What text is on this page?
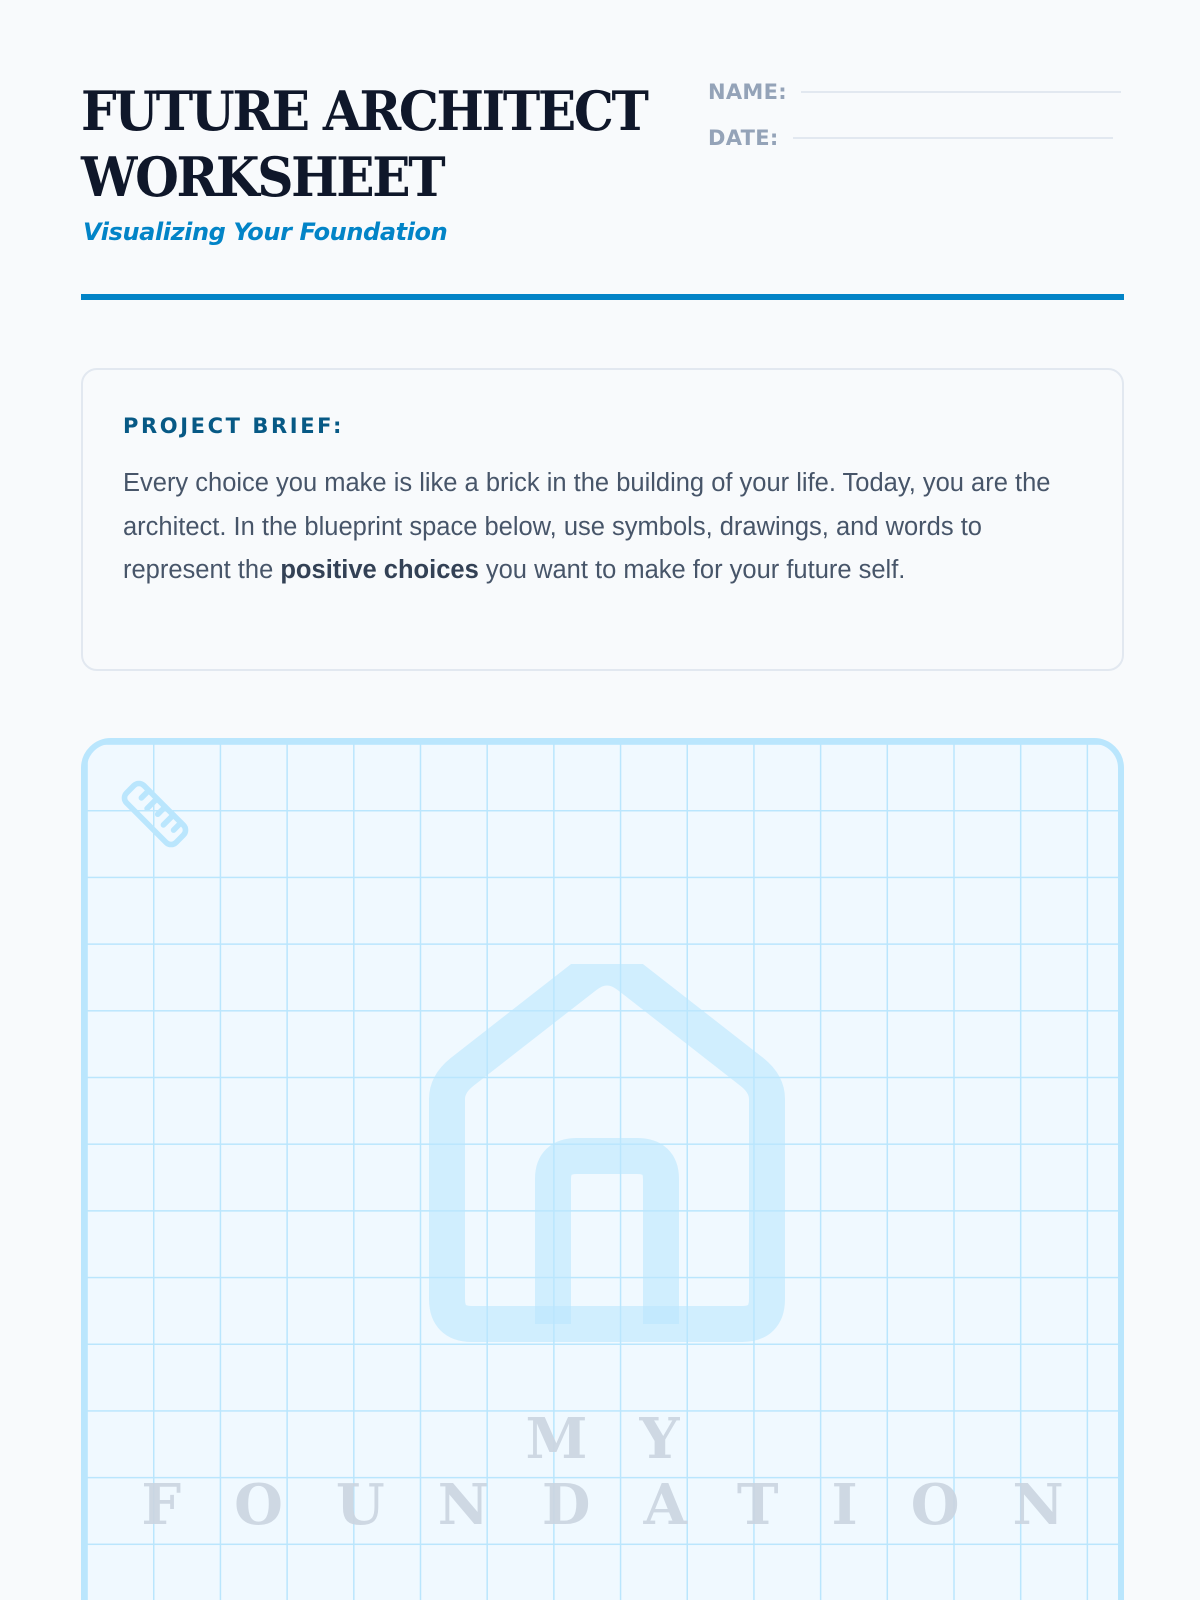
FUTURE ARCHITECT
WORKSHEET

Visualizing Your Foundation

NAME:
DATE:
PROJECT BRIEF:

Every choice you make is like a brick in the building of your life. Today, you are the architect. In the blueprint space below, use symbols, drawings, and words to represent the positive choices you want to make for your future self.

MY
FOUNDATION
